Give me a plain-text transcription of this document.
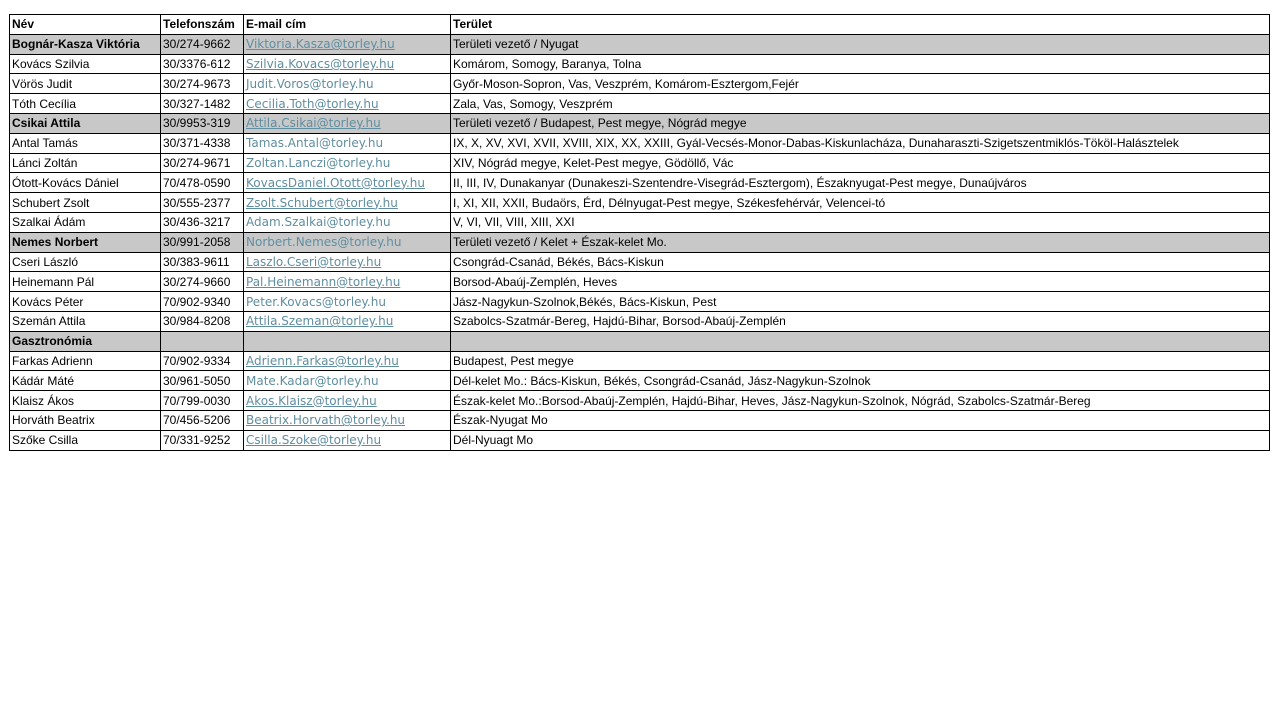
Név	Telefonszám	E-mail cím	Terület
Bognár-Kasza Viktória	30/274-9662	Viktoria.Kasza@torley.hu	Területi vezető / Nyugat
Kovács Szilvia	30/3376-612	Szilvia.Kovacs@torley.hu	Komárom, Somogy, Baranya, Tolna
Vörös Judit	30/274-9673	Judit.Voros@torley.hu	Győr-Moson-Sopron, Vas, Veszprém, Komárom-Esztergom,Fejér
Tóth Cecília	30/327-1482	Cecilia.Toth@torley.hu	Zala, Vas, Somogy, Veszprém
Csikai Attila	30/9953-319	Attila.Csikai@torley.hu	Területi vezető / Budapest, Pest megye, Nógrád megye
Antal Tamás	30/371-4338	Tamas.Antal@torley.hu	IX, X, XV, XVI, XVII, XVIII, XIX, XX, XXIII, Gyál-Vecsés-Monor-Dabas-Kiskunlacháza, Dunaharaszti-Szigetszentmiklós-Tököl-Halásztelek
Lánci Zoltán	30/274-9671	Zoltan.Lanczi@torley.hu	XIV, Nógrád megye, Kelet-Pest megye, Gödöllő, Vác
Ótott-Kovács Dániel	70/478-0590	KovacsDaniel.Otott@torley.hu	II, III, IV, Dunakanyar (Dunakeszi-Szentendre-Visegrád-Esztergom), Északnyugat-Pest megye, Dunaújváros
Schubert Zsolt	30/555-2377	Zsolt.Schubert@torley.hu	I, XI, XII, XXII, Budaörs, Érd, Délnyugat-Pest megye, Székesfehérvár, Velencei-tó
Szalkai Ádám	30/436-3217	Adam.Szalkai@torley.hu	V, VI, VII, VIII, XIII, XXI
Nemes Norbert	30/991-2058	Norbert.Nemes@torley.hu	Területi vezető / Kelet + Észak-kelet Mo.
Cseri László	30/383-9611	Laszlo.Cseri@torley.hu	Csongrád-Csanád, Békés, Bács-Kiskun
Heinemann Pál	30/274-9660	Pal.Heinemann@torley.hu	Borsod-Abaúj-Zemplén, Heves
Kovács Péter	70/902-9340	Peter.Kovacs@torley.hu	Jász-Nagykun-Szolnok,Békés, Bács-Kiskun, Pest
Szemán Attila	30/984-8208	Attila.Szeman@torley.hu	Szabolcs-Szatmár-Bereg, Hajdú-Bihar, Borsod-Abaúj-Zemplén
Gasztronómia			
Farkas Adrienn	70/902-9334	Adrienn.Farkas@torley.hu	Budapest, Pest megye
Kádár Máté	30/961-5050	Mate.Kadar@torley.hu	Dél-kelet Mo.: Bács-Kiskun, Békés, Csongrád-Csanád, Jász-Nagykun-Szolnok
Klaisz Ákos	70/799-0030	Akos.Klaisz@torley.hu	Észak-kelet Mo.:Borsod-Abaúj-Zemplén, Hajdú-Bihar, Heves, Jász-Nagykun-Szolnok, Nógrád, Szabolcs-Szatmár-Bereg
Horváth Beatrix	70/456-5206	Beatrix.Horvath@torley.hu	Észak-Nyugat Mo
Szőke Csilla	70/331-9252	Csilla.Szoke@torley.hu	Dél-Nyuagt Mo
